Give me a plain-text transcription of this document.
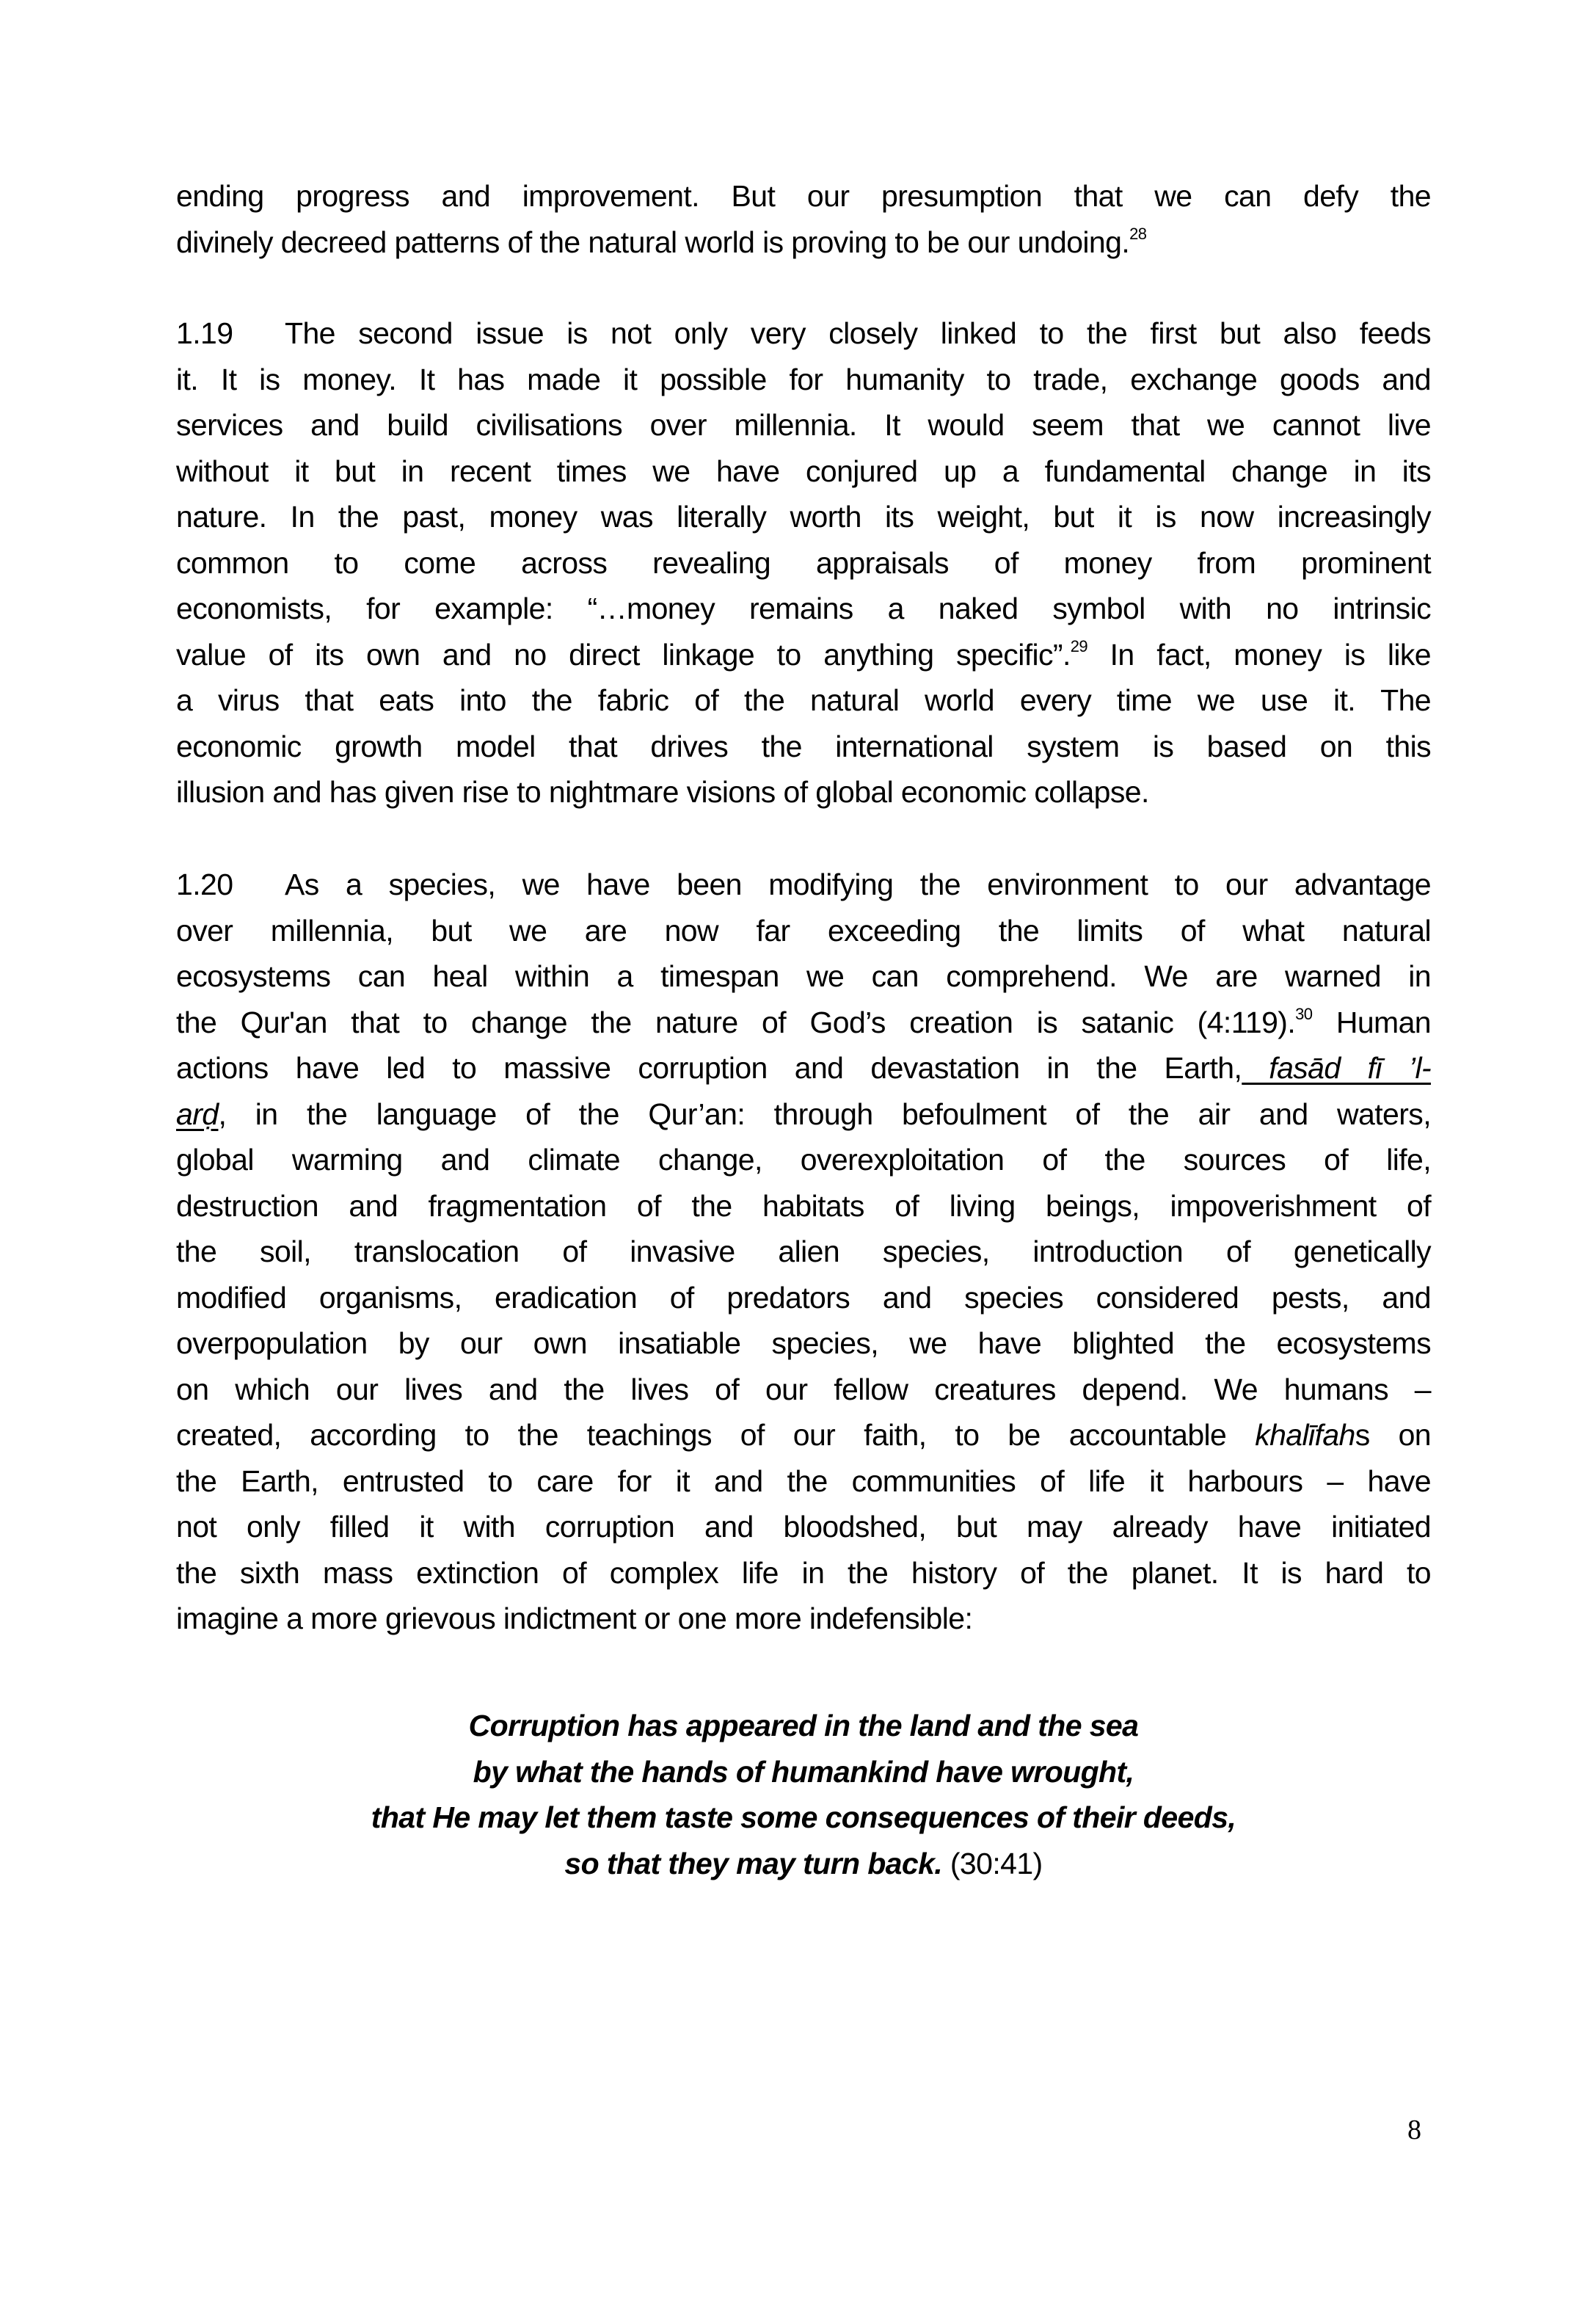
ending progress and improvement. But our presumption that we can defy the
divinely decreed patterns of the natural world is proving to be our undoing.$^{28}$
1.19 The second issue is not only very closely linked to the first but also feeds
it. It is money. It has made it possible for humanity to trade, exchange goods and
services and build civilisations over millennia. It would seem that we cannot live
without it but in recent times we have conjured up a fundamental change in its
nature. In the past, money was literally worth its weight, but it is now increasingly
common to come across revealing appraisals of money from prominent
economists, for example: “…money remains a naked symbol with no intrinsic
value of its own and no direct linkage to anything specific”.$^{29}$ In fact, money is like
a virus that eats into the fabric of the natural world every time we use it. The
economic growth model that drives the international system is based on this
illusion and has given rise to nightmare visions of global economic collapse.
1.20 As a species, we have been modifying the environment to our advantage
over millennia, but we are now far exceeding the limits of what natural
ecosystems can heal within a timespan we can comprehend. We are warned in
the Qur'an that to change the nature of God’s creation is satanic (4:119).$^{30}$ Human
actions have led to massive corruption and devastation in the Earth, fasād fī ’l-
arḍ, in the language of the Qur’an: through befoulment of the air and waters,
global warming and climate change, overexploitation of the sources of life,
destruction and fragmentation of the habitats of living beings, impoverishment of
the soil, translocation of invasive alien species, introduction of genetically
modified organisms, eradication of predators and species considered pests, and
overpopulation by our own insatiable species, we have blighted the ecosystems
on which our lives and the lives of our fellow creatures depend. We humans –
created, according to the teachings of our faith, to be accountable khalīfahs on
the Earth, entrusted to care for it and the communities of life it harbours – have
not only filled it with corruption and bloodshed, but may already have initiated
the sixth mass extinction of complex life in the history of the planet. It is hard to
imagine a more grievous indictment or one more indefensible:
Corruption has appeared in the land and the sea
by what the hands of humankind have wrought,
that He may let them taste some consequences of their deeds,
so that they may turn back. (30:41)
8
